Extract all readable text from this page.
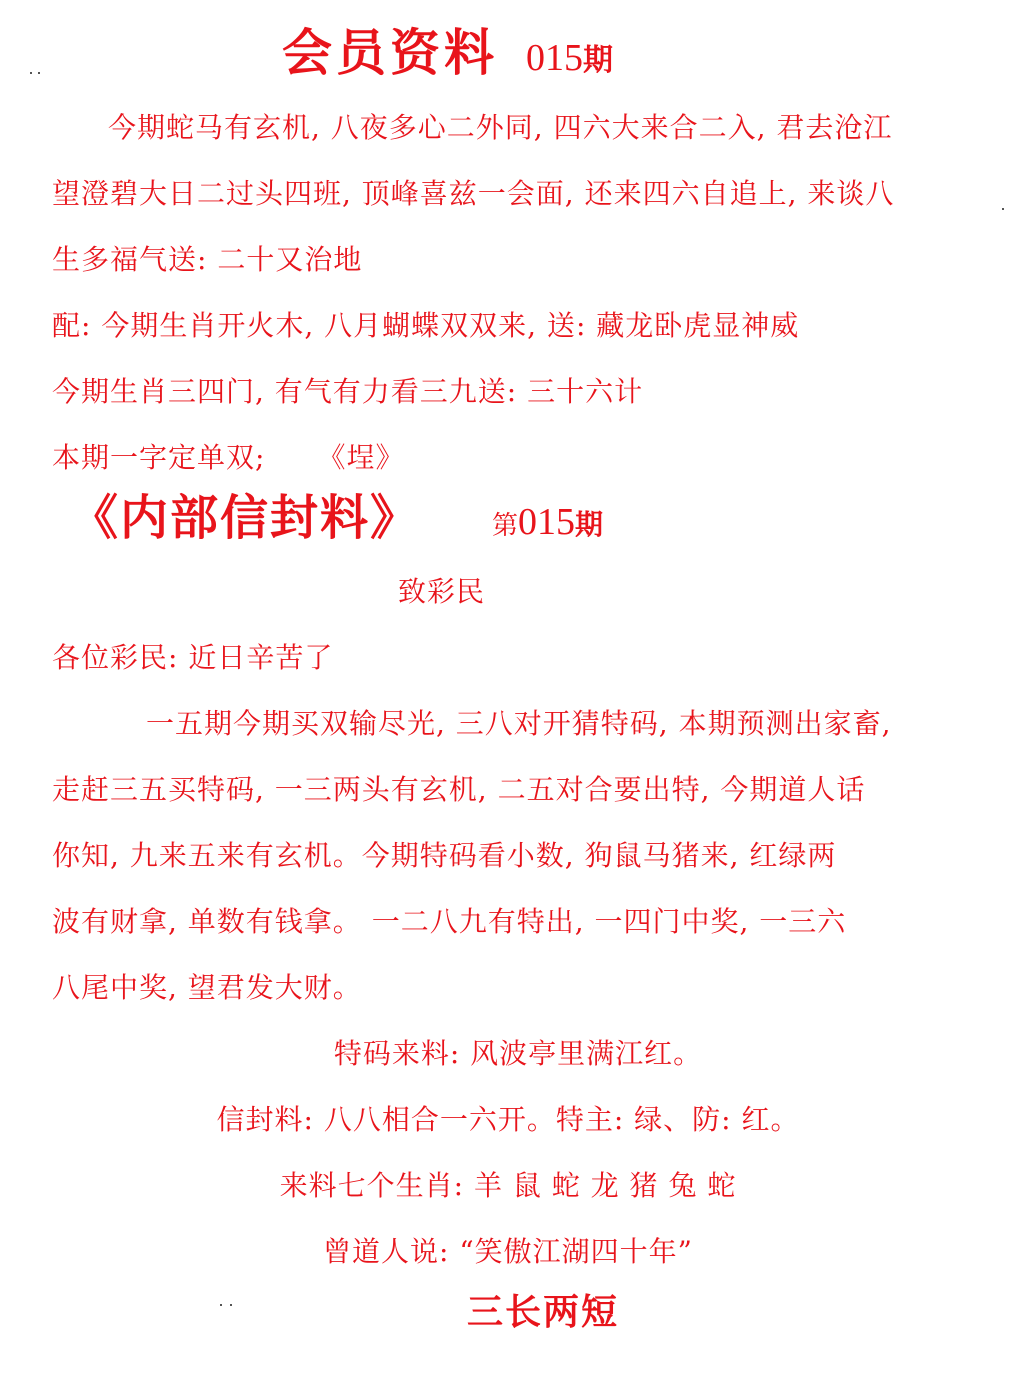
会员资料 015期
今期蛇马有玄机, 八夜多心二外同, 四六大来合二入, 君去沧江
望澄碧大日二过头四班, 顶峰喜兹一会面, 还来四六自追上, 来谈八
生多福气送: 二十又治地
配: 今期生肖开火木, 八月蝴蝶双双来, 送: 藏龙卧虎显神威
今期生肖三四门, 有气有力看三九送: 三十六计
本期一字定单双; 《埕》
《内部信封料》	第015期
致彩民
各位彩民: 近日辛苦了
一五期今期买双输尽光, 三八对开猜特码, 本期预测出家畜,
走赶三五买特码, 一三两头有玄机, 二五对合要出特, 今期道人话
你知, 九来五来有玄机。今期特码看小数, 狗鼠马猪来, 红绿两
波有财拿, 单数有钱拿。 一二八九有特出, 一四门中奖, 一三六
八尾中奖, 望君发大财。
特码来料: 风波亭里满江红。
信封料: 八八相合一六开。特主: 绿、防: 红。
来料七个生肖: 羊 鼠 蛇 龙 猪 兔 蛇
曾道人说: “笑傲江湖四十年”
三长两短
